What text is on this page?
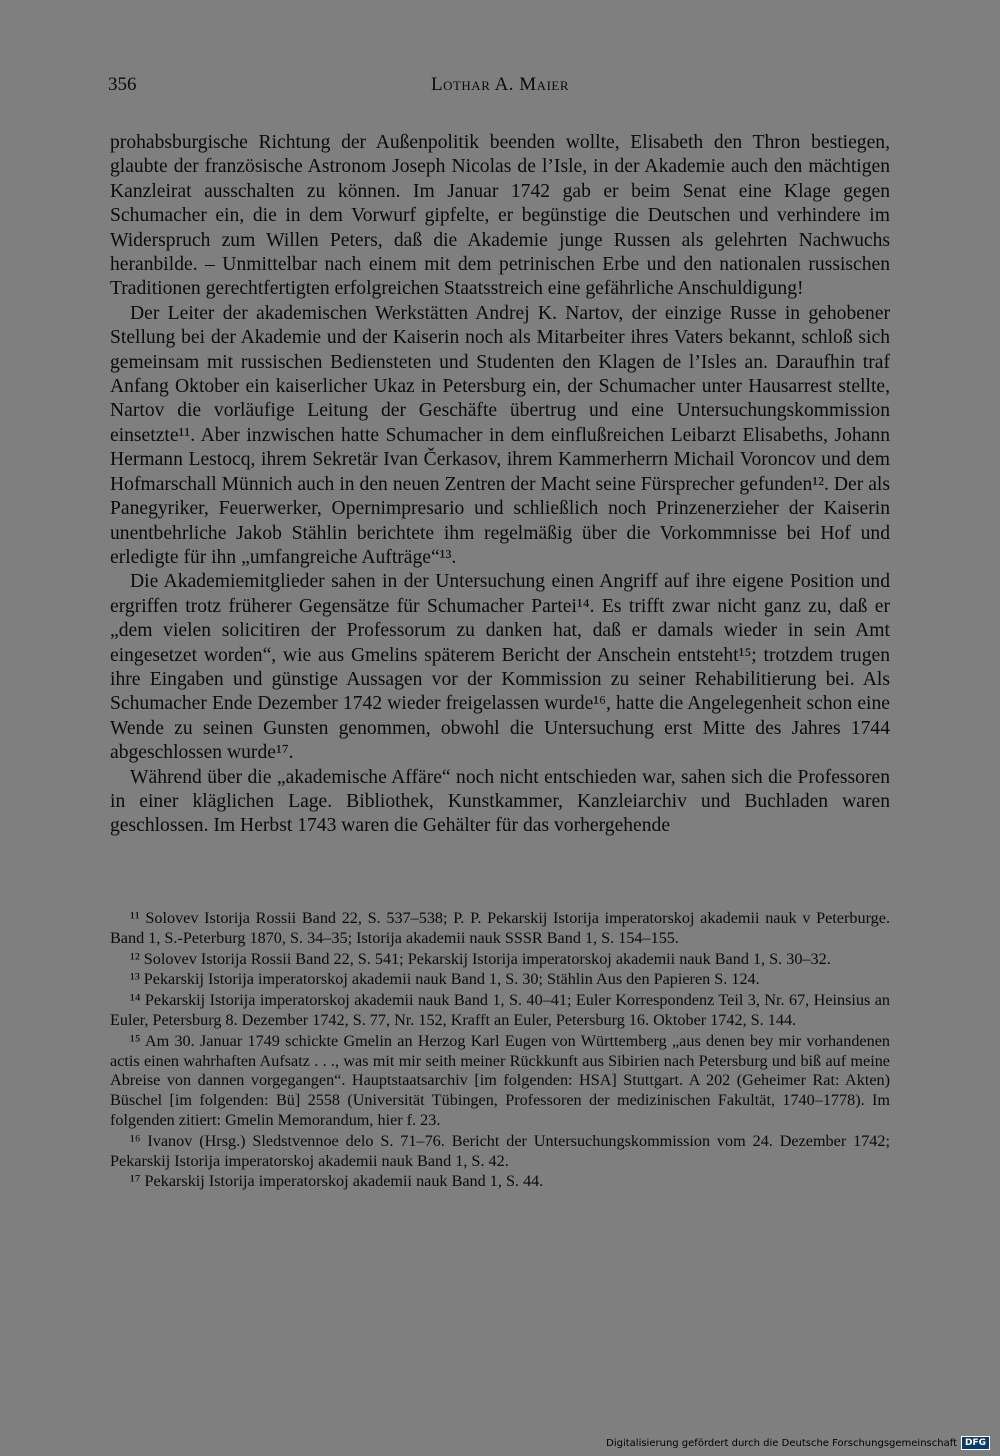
356	Lothar A. Maier

prohabsburgische Richtung der Außenpolitik beenden wollte, Elisabeth den Thron bestiegen, glaubte der französische Astronom Joseph Nicolas de l’Isle, in der Akademie auch den mächtigen Kanzleirat ausschalten zu können. Im Januar 1742 gab er beim Senat eine Klage gegen Schumacher ein, die in dem Vorwurf gipfelte, er begünstige die Deutschen und verhindere im Widerspruch zum Willen Peters, daß die Akademie junge Russen als gelehrten Nachwuchs heranbilde. – Unmittelbar nach einem mit dem petrinischen Erbe und den nationalen russischen Traditionen gerechtfertigten erfolgreichen Staatsstreich eine gefährliche Anschuldigung!

Der Leiter der akademischen Werkstätten Andrej K. Nartov, der einzige Russe in gehobener Stellung bei der Akademie und der Kaiserin noch als Mitarbeiter ihres Vaters bekannt, schloß sich gemeinsam mit russischen Bediensteten und Studenten den Klagen de l’Isles an. Daraufhin traf Anfang Oktober ein kaiserlicher Ukaz in Petersburg ein, der Schumacher unter Hausarrest stellte, Nartov die vorläufige Leitung der Geschäfte übertrug und eine Untersuchungskommission einsetzte¹¹. Aber inzwischen hatte Schumacher in dem einflußreichen Leibarzt Elisabeths, Johann Hermann Lestocq, ihrem Sekretär Ivan Čerkasov, ihrem Kammerherrn Michail Voroncov und dem Hofmarschall Münnich auch in den neuen Zentren der Macht seine Fürsprecher gefunden¹². Der als Panegyriker, Feuerwerker, Opernimpresario und schließlich noch Prinzenerzieher der Kaiserin unentbehrliche Jakob Stählin berichtete ihm regelmäßig über die Vorkommnisse bei Hof und erledigte für ihn „umfangreiche Aufträge“¹³.

Die Akademiemitglieder sahen in der Untersuchung einen Angriff auf ihre eigene Position und ergriffen trotz früherer Gegensätze für Schumacher Partei¹⁴. Es trifft zwar nicht ganz zu, daß er „dem vielen solicitiren der Professorum zu danken hat, daß er damals wieder in sein Amt eingesetzet worden“, wie aus Gmelins späterem Bericht der Anschein entsteht¹⁵; trotzdem trugen ihre Eingaben und günstige Aussagen vor der Kommission zu seiner Rehabilitierung bei. Als Schumacher Ende Dezember 1742 wieder freigelassen wurde¹⁶, hatte die Angelegenheit schon eine Wende zu seinen Gunsten genommen, obwohl die Untersuchung erst Mitte des Jahres 1744 abgeschlossen wurde¹⁷.

Während über die „akademische Affäre“ noch nicht entschieden war, sahen sich die Professoren in einer kläglichen Lage. Bibliothek, Kunstkammer, Kanzleiarchiv und Buchladen waren geschlossen. Im Herbst 1743 waren die Gehälter für das vorhergehende

¹¹ Solovev Istorija Rossii Band 22, S. 537–538; P. P. Pekarskij Istorija imperatorskoj akademii nauk v Peterburge. Band 1, S.-Peterburg 1870, S. 34–35; Istorija akademii nauk SSSR Band 1, S. 154–155.

¹² Solovev Istorija Rossii Band 22, S. 541; Pekarskij Istorija imperatorskoj akademii nauk Band 1, S. 30–32.

¹³ Pekarskij Istorija imperatorskoj akademii nauk Band 1, S. 30; Stählin Aus den Papieren S. 124.

¹⁴ Pekarskij Istorija imperatorskoj akademii nauk Band 1, S. 40–41; Euler Korrespondenz Teil 3, Nr. 67, Heinsius an Euler, Petersburg 8. Dezember 1742, S. 77, Nr. 152, Krafft an Euler, Petersburg 16. Oktober 1742, S. 144.

¹⁵ Am 30. Januar 1749 schickte Gmelin an Herzog Karl Eugen von Württemberg „aus denen bey mir vorhandenen actis einen wahrhaften Aufsatz . . ., was mit mir seith meiner Rückkunft aus Sibirien nach Petersburg und biß auf meine Abreise von dannen vorgegangen“. Hauptstaatsarchiv [im folgenden: HSA] Stuttgart. A 202 (Geheimer Rat: Akten) Büschel [im folgenden: Bü] 2558 (Universität Tübingen, Professoren der medizinischen Fakultät, 1740–1778). Im folgenden zitiert: Gmelin Memorandum, hier f. 23.

¹⁶ Ivanov (Hrsg.) Sledstvennoe delo S. 71–76. Bericht der Untersuchungskommission vom 24. Dezember 1742; Pekarskij Istorija imperatorskoj akademii nauk Band 1, S. 42.

¹⁷ Pekarskij Istorija imperatorskoj akademii nauk Band 1, S. 44.

Digitalisierung gefördert durch die Deutsche Forschungsgemeinschaft DFG
